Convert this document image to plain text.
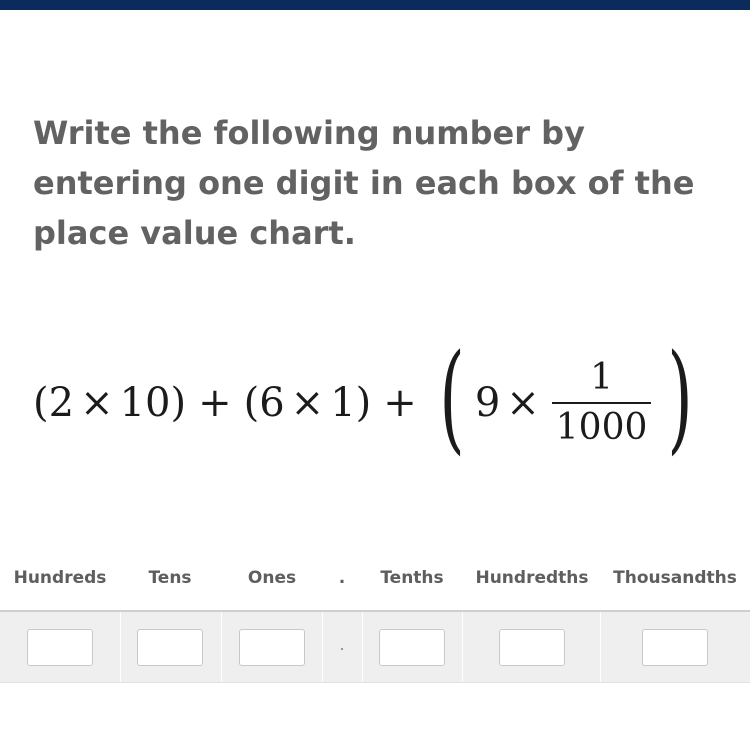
Write the following number by entering one digit in each box of the place value chart.

( 2 × 10 ) + ( 6 × 1 ) + ( $9 \times \frac{1}{1000}$ )
Hundreds Tens	Ones	. Tenths Hundredths Thousandths
